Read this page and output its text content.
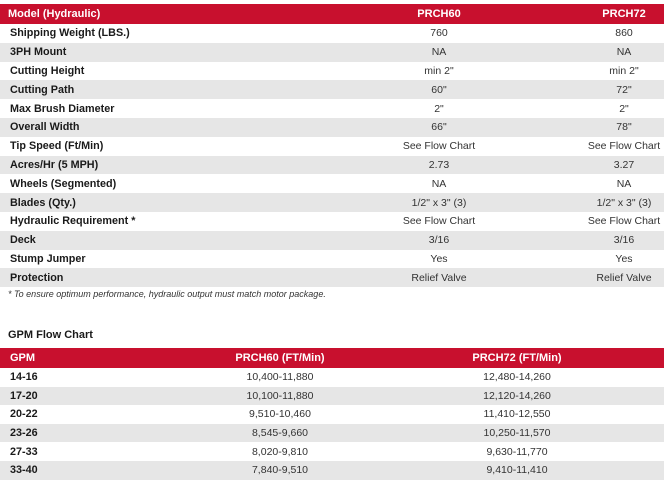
Model (Hydraulic)	PRCH60	PRCH72
Shipping Weight (LBS.)	760	860
3PH Mount	NA	NA
Cutting Height	min 2"	min 2"
Cutting Path	60"	72"
Max Brush Diameter	2"	2"
Overall Width	66"	78"
Tip Speed (Ft/Min)	See Flow Chart	See Flow Chart
Acres/Hr (5 MPH)	2.73	3.27
Wheels (Segmented)	NA	NA
Blades (Qty.)	1/2" x 3" (3)	1/2" x 3" (3)
Hydraulic Requirement *	See Flow Chart	See Flow Chart
Deck	3/16	3/16
Stump Jumper	Yes	Yes
Protection	Relief Valve	Relief Valve
* To ensure optimum performance, hydraulic output must match motor package.
GPM Flow Chart
GPM	PRCH60 (FT/Min)	PRCH72 (FT/Min)
14-16	10,400-11,880	12,480-14,260
17-20	10,100-11,880	12,120-14,260
20-22	9,510-10,460	11,410-12,550
23-26	8,545-9,660	10,250-11,570
27-33	8,020-9,810	9,630-11,770
33-40	7,840-9,510	9,410-11,410
